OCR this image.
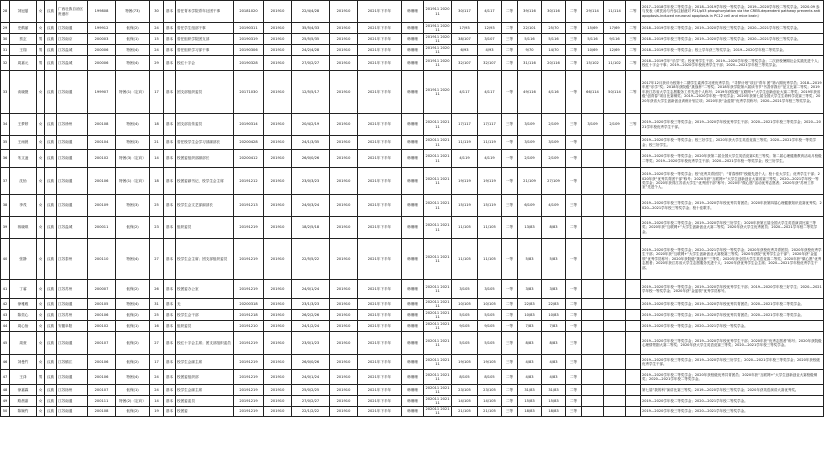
28	刘冠蔓	女	汉族	广西壮族自治区贵港市	199808	特困(73)	30	基本	曾任青禾学院青年社团干事	20181020	201910	22/4/4/28	201910	2021年下半年	韩珊珊	201911 202011	30/117	4/117	二等	39/116	30/116	二等	29/114	11/114	二等	2017—2018学年校二等奖学金；2018—2019学年校一等奖学金；2019—2020学年校二等奖学金。2020.09 参与发表《黄芪汤与丹参注射液对 P21/p53 phosphorylation via the CREB-dependent pathway prevents antiapoptosis-induced neuronal apoptosis in PC12 cell and mice brain》
29	史鹤丽	女	汉族	江苏南通	199912	低保(2)	24	基本	曾任学生组部干事	20190311	201910	35/5/4/33	201910	2021年下半年	韩珊珊	201911 202011	17/93	12/93	二等	22/101	25/70	二等	15/69	17/69	二等	2018—2019学年校二等奖学金；2019—2020学年校三等奖学金；2020—2021学年校二等奖学金。
30	蔡玄	男	汉族	江苏南京	200003	低保(1)	15	基本	曾任组织学院团支部	20190319	201910	25/5/5/35	201910	2021年下半年	韩珊珊	201911 202011	38/107	3/107	三等	5/116	5/116	三等	5/116	9/116	三等	2018—2019学年校三等奖学金；2019—2020学年校二等奖学金；2020—2021学年校三等奖学金。
31	王翔	男	汉族	江苏盐城	200006	特困(4)	24	基本	曾任组织学习部干事	20190306	201910	24/2/4/28	201910	2021年下半年	韩珊珊	201911 202011	6/93	4/93	二等	9/70	14/70	二等	10/69	12/69	二等	2018—2019学年校一等奖学金；校上学年获三等奖学金；2019—2020学年校二等奖学金。
32	周嘉元	男	汉族	江苏盐城	200006	特困(4)	29	基本	校红十字会	20190328	201910	27/0/2/27	201910	2021年下半年	韩珊珊	201911 202011	32/107	32/107	二等	31/116	20/116	二等	15/102	11/102	二等	2018—2019学年“乐学”奖；校优秀学生干部；2019—2020学年校二等奖学金；二次获校暑期社会实践先进个人；校红十字会干事；2019—2020学年校优秀学生干部；2020—2021学年校三等奖学金。
33	谈晓捷	女	汉族	江苏南通	199907	特困(1)（定向）	17	基本	团支部组织委员	20171030	201910	12/5/5/17	201910	2021年下半年	韩珊珊	201911 202011	4/117	4/117	一等	49/116	4/116	一等	66/114	50/114	二等	2017年12月获评为校第十二期学生素养学习班优秀学员；“寻梦计划”项目“青年 团”第六期优秀学员；2018—2019年度“乐学”奖；2018年获院级“挑战杯”二等奖；2018年获学院第六届读书节“书香伴我行”征文比赛二等奖；2019年获江苏省大学生志愿服务工作先进个人称号；2019年获院级“互联网+”大学生创新创业大赛二等奖；2019年获省级“创青春”项目比赛铜奖；2019—2020学年校一等奖学金；2020年获第七届全国大学生生命科学竞赛三等奖；2020年获省大学生创新创业训练计划立项；2020年获“金蓝领”优秀学员称号；2020—2021学年校三等奖学金。
34	王梦婷	女	汉族	江苏徐州	200108	特困(4)	18	基本	团支部宣传委员	20190314	201910	20/4/2/19	201910	2021年下半年	韩珊珊	202011 202111	17/117	17/117	三等	3/109	2/109	三等	3/109	2/109	三等	2019—2020学年校三等奖学金；2019—2020学年校优秀学生干部；2020—2021学年校三等奖学金；2020—2021学年校优秀学生干部。
35	王雨晨	女	汉族	江苏南通	200104	特困(3)	21	基本	曾任校学生会学习部副部长	20200428	201910	24/1/3/35	201910	2021年下半年	韩珊珊	202011 202111	11/119	11/119	一等	3/109	3/109	一等				2019—2020学年校一等奖学金；校三好学生；2020年获大学生英语竞赛三等奖；2020—2021学年校一等奖学金；校三好学生。
36	朱文凌	女	汉族	江苏南通	200102	特困(3)（定向）	14	基本	校团委组织部副部长	20200412	201910	26/0/0/26	201910	2021年下半年	韩珊珊	202011 202111	4/119	4/119	一等	2/109	2/109	一等				2019—2020学年校一等奖学金；2020年获第二届全国大学生英语竞赛C类三等奖；第二届心理健康教育活动月校级二等奖；2019—2020学年校优秀学生干部；2020—2021学年校一等奖学金；校三好学生。
37	沈怡	女	汉族	江苏南通	200106	特困(1)（定向）	18	基本	校团委副书记、校学生会主席	20191212	201910	23/0/3/23	201910	2021年下半年	韩珊珊	202011 202111	19/119	19/119	一等	21/109	27/109	一等				2019—2020学年校一等奖学金；校“优秀共青团员”；“青春榜样”校级先进个人；校十佳大学生；优秀学生干部；2020年获“优秀共青团干部”称号；2020年获“互联网+”大学生创新创业大赛省赛三等奖；2020—2021学年校一等奖学金；2020年获得江苏省大学生“优秀团干部”称号；2020年“微心愿”活动优秀志愿者；2020年获“苏州工作室”先进个人。
38	李茂	女	汉族	江苏南通	200109	特困(3)	25	基本	校学生会文艺部副部长	20191213	201910	24/0/3/24	201910	2021年下半年	韩珊珊	202011 202111	15/119	15/119	三等	6/109	4/109	三等				2019—2020学年校三等奖学金；2019—2020学年校优秀共青团员；2020年获第四届心理健康知识竞赛优秀奖；2020—2021学年校三等奖学金；校十佳歌手。
39	蒋晓琪	女	汉族	江苏盐城	200011	低保(2)	23	基本	组织委员	20191219	201910	18/2/5/18	201910	2021年下半年	韩珊珊	202011 202111	11/105	11/105	二等	13/83	8/83	二等				2019—2020学年校二等奖学金；2019—2020学年校三好学生；2020年获第五届全国大学生英语演讲比赛三等奖；2020年获“互联网+”大学生创新创业大赛二等奖；2020年获大学生优秀团员；2020—2021学年校二等奖学金。
40	张静	女	汉族	江苏泰州	200110	特困(4)	27	基本	校学生会主席；团支部组织委员	20191219	201910	22/5/5/22	201910	2021年下半年	韩珊珊	202011 202111	11/105	11/105	一等	5/83	5/83	一等				2019—2020学年校一等奖学金；2020—2021学年校一等奖学金；2020年获校优秀共青团员；2020年获校优秀学生干部；2020年获“互联网+”大学生创新创业大赛校赛三等奖；2020年获院“优秀学生会干部”；2020年获“金蓝领”优秀学员称号；2020年获院级“挑战杯”三等奖；2020年获全国大学生英语竞赛二等奖；2020年获“微心愿”优秀志愿者；2020年获江苏省大学生志愿服务先进个人；2020年获优秀学生会主席；2020—2021学年校优秀学生干部。
41	丁睿	女	汉族	江苏苏州	200007	低保(2)	26	基本	校团委办公室	20191219	201910	24/0/1/24	201910	2021年下半年	韩珊珊	202011 202111	3/105	3/105	一等	3/83	3/83	一等				2019—2020学年校一等奖学金；2019—2020学年校优秀学生干部；2019—2020学年校三好学生；2020—2021学年校一等奖学金；2020年获“金蓝领”优秀学员称号。
42	徐雅雅	女	汉族	江苏南通	200105	特困(4)	31	基本	无	20200318	201910	23/1/3/23	201910	2021年下半年	韩珊珊	202011 202111	10/105	10/105	二等	22/83	22/83	二等				2019—2020学年校二等奖学金；2019—2020学年校优秀共青团员；2020—2021学年校二等奖学金。
43	陈奕心	女	汉族	江苏苏州	200106	低保(2)	25	基本	校学生会干部	20191218	201910	26/2/2/26	201910	2021年下半年	韩珊珊	202011 202111	5/105	5/105	二等	10/83	10/83	二等				2019—2020学年校二等奖学金；2019—2020学年校优秀共青团员；2020—2021学年校二等奖学金。
44	周心怡	女	汉族	安徽阜阳	200102	低保(1)	16	基本	组织委员	20191210	201910	24/1/2/24	201910	2021年下半年	韩珊珊	202011 202111	9/105	9/105	一等	7/83	7/83	一等				2019—2020学年校一等奖学金；2020—2021学年校一等奖学金。
45	周萱	女	汉族	江苏南通	200107	低保(2)	27	基本	校红十字会主席；团支部组织委员	20191219	201910	23/0/1/23	201910	2021年下半年	韩珊珊	202011 202111	5/105	5/105	三等	8/83	8/83	三等				2019—2020学年校三等奖学金；2019—2020学年校优秀学生干部；2020年获“优秀志愿者”称号；2020年获院级心理情景剧大赛二等奖；2020年获大学生英语竞赛三等奖；2020—2021学年校三等奖学金。
46	刘曼竹	女	汉族	江苏镇江	200106	低保(2)	17	基本	校学生会副主席	20191219	201910	26/0/0/26	201910	2021年下半年	韩珊珊	202011 202111	19/105	19/105	三等	4/83	4/83	三等				2019—2020学年校三等奖学金；2019—2020学年校三好学生；2020—2021学年校三等奖学金；2020年获校级优秀学生干部。
47	王泽	男	汉族	江苏南通	200106	特困(4)	24	基本	校团委组织部	20191219	201910	24/0/1/24	201910	2021年下半年	韩珊珊	202011 202111	8/105	8/105	二等	4/83	4/83	二等				2019—2020学年校二等奖学金；2020年获校级优秀共青团员；2020年获“互联网+”大学生创新创业大赛校级铜奖；2020—2021学年校二等奖学金。
48	徐嘉霖	女	汉族	江苏扬州	200107	低保(1)	24	基本	校学生会副主席	20191219	201910	25/0/2/25	201910	2021年下半年	韩珊珊	202011 202111	23/105	23/105	二等	31/83	31/83	二等				第七届“我的科”演讲比赛三等奖；2019—2020学年校三等奖学金；2020年获英语演讲大赛优秀奖。
49	路晨嘉	女	汉族	江苏南通	200111	特困(2)（定向）	14	基本	校团委委员	20191219	201910	27/0/2/27	201910	2021年下半年	韩珊珊	202011 202111	14/105	14/105	二等	15/83	15/83	二等				2019—2020学年校二等奖学金；2020—2021学年校二等奖学金。
50	陈婉约	女	汉族	江苏南通	200108	低保(2)	19	基本	校团委	20191219	201910	22/1/2/22	201910	2021年下半年	韩珊珊	202011 202111	21/105	21/105	三等	18/83	18/83	三等				2019—2020学年校三等奖学金；2020—2021学年校三等奖学金。
